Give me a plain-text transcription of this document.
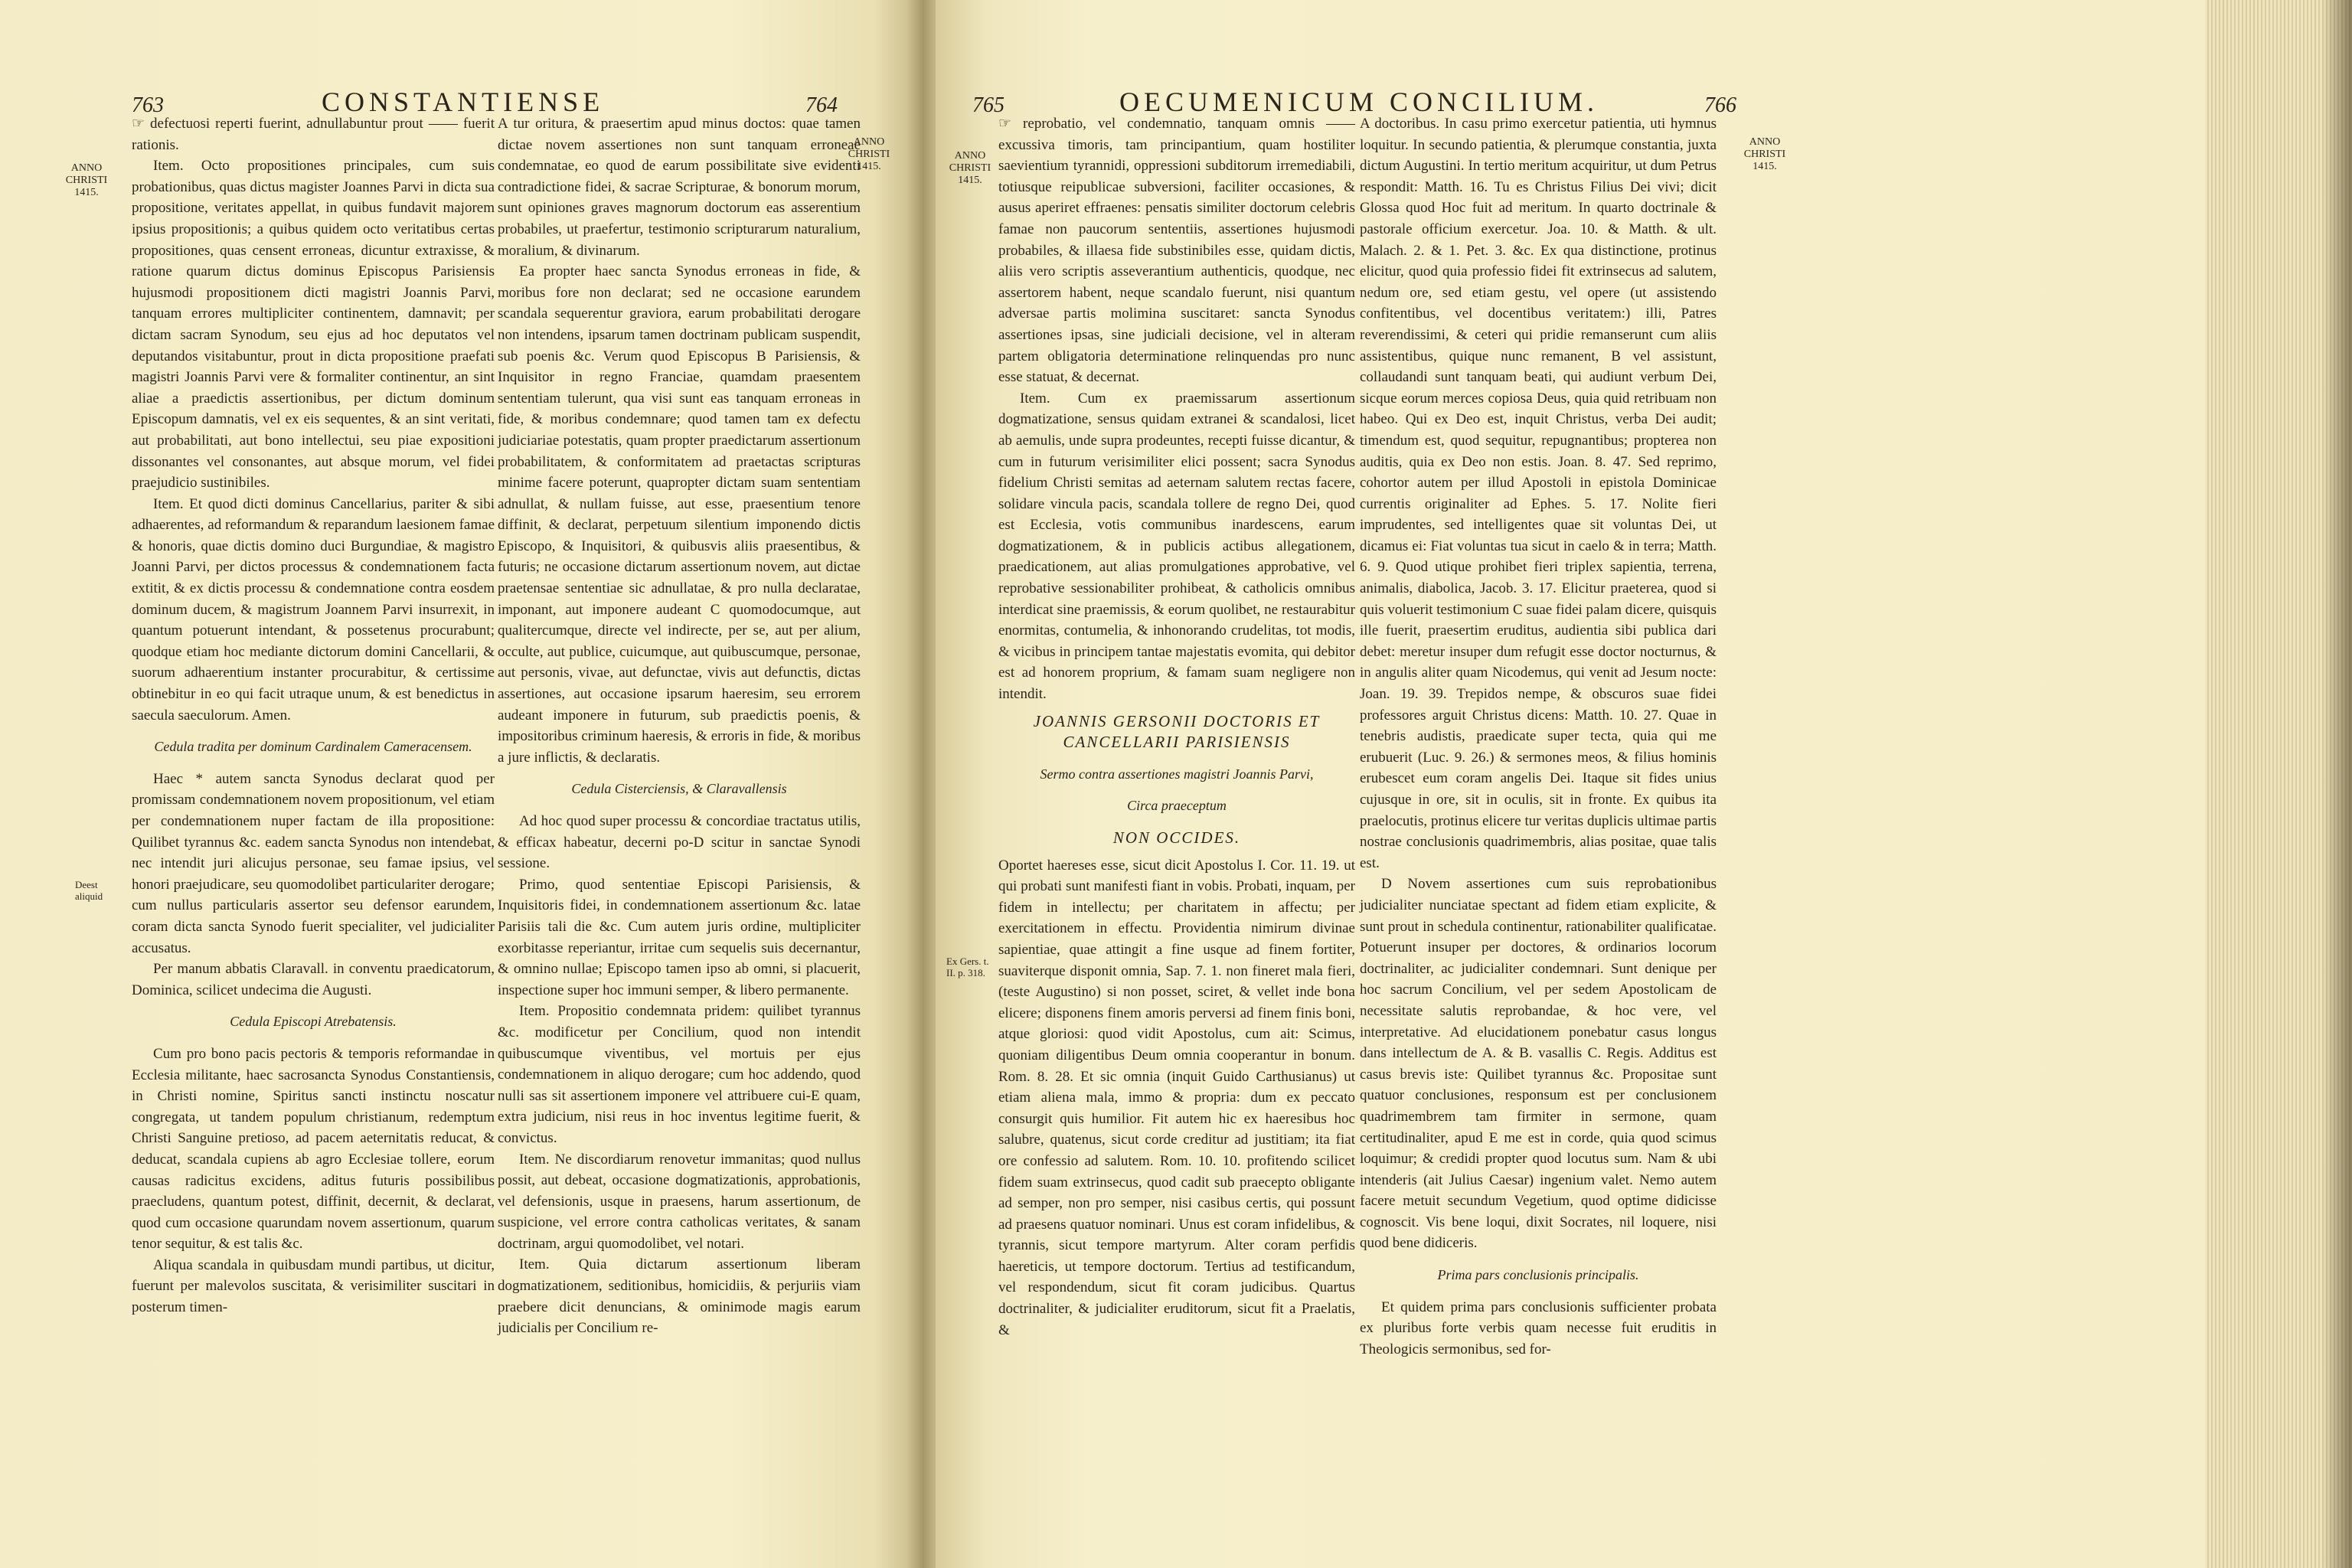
763	CONSTANTIENSE	764
ANNO CHRISTI 1415.
ANNO CHRISTI 1415.
Deest aliquid

☞ defectuosi reperti fuerint, adnullabuntur prout —— fuerit rationis.

Item. Octo propositiones principales, cum suis probationibus, quas dictus magister Joannes Parvi in dicta sua propositione, veritates appellat, in quibus fundavit majorem ipsius propositionis; a quibus quidem octo veritatibus certas propositiones, quas censent erroneas, dicuntur extraxisse, & ratione quarum dictus dominus Episcopus Parisiensis hujusmodi propositionem dicti magistri Joannis Parvi, tanquam errores multipliciter continentem, damnavit; per dictam sacram Synodum, seu ejus ad hoc deputatos vel deputandos visitabuntur, prout in dicta propositione praefati magistri Joannis Parvi vere & formaliter continentur, an sint aliae a praedictis assertionibus, per dictum dominum Episcopum damnatis, vel ex eis sequentes, & an sint veritati, aut probabilitati, aut bono intellectui, seu piae expositioni dissonantes vel consonantes, aut absque morum, vel fidei praejudicio sustinibiles.

Item. Et quod dicti dominus Cancellarius, pariter & sibi adhaerentes, ad reformandum & reparandum laesionem famae & honoris, quae dictis domino duci Burgundiae, & magistro Joanni Parvi, per dictos processus & condemnationem facta extitit, & ex dictis processu & condemnatione contra eosdem dominum ducem, & magistrum Joannem Parvi insurrexit, in quantum potuerunt intendant, & possetenus procurabunt; quodque etiam hoc mediante dictorum domini Cancellarii, & suorum adhaerentium instanter procurabitur, & certissime obtinebitur in eo qui facit utraque unum, & est benedictus in saecula saeculorum. Amen.

Cedula tradita per dominum Cardinalem Cameracensem.

Haec * autem sancta Synodus declarat quod per promissam condemnationem novem propositionum, vel etiam per condemnationem nuper factam de illa propositione: Quilibet tyrannus &c. eadem sancta Synodus non intendebat, nec intendit juri alicujus personae, seu famae ipsius, vel honori praejudicare, seu quomodolibet particulariter derogare; cum nullus particularis assertor seu defensor earundem, coram dicta sancta Synodo fuerit specialiter, vel judicialiter accusatus.

Per manum abbatis Claravall. in conventu praedicatorum, Dominica, scilicet undecima die Augusti.

Cedula Episcopi Atrebatensis.

Cum pro bono pacis pectoris & temporis reformandae in Ecclesia militante, haec sacrosancta Synodus Constantiensis, in Christi nomine, Spiritus sancti instinctu noscatur congregata, ut tandem populum christianum, redemptum Christi Sanguine pretioso, ad pacem aeternitatis reducat, & deducat, scandala cupiens ab agro Ecclesiae tollere, eorum causas radicitus excidens, aditus futuris possibilibus praecludens, quantum potest, diffinit, decernit, & declarat, quod cum occasione quarundam novem assertionum, quarum tenor sequitur, & est talis &c.

Aliqua scandala in quibusdam mundi partibus, ut dicitur, fuerunt per malevolos suscitata, & verisimiliter suscitari in posterum timen-

A tur oritura, & praesertim apud minus doctos: quae tamen dictae novem assertiones non sunt tanquam erroneae condemnatae, eo quod de earum possibilitate sive evidenti contradictione fidei, & sacrae Scripturae, & bonorum morum, sunt opiniones graves magnorum doctorum eas asserentium probabiles, ut praefertur, testimonio scripturarum naturalium, moralium, & divinarum.

Ea propter haec sancta Synodus erroneas in fide, & moribus fore non declarat; sed ne occasione earundem scandala sequerentur graviora, earum probabilitati derogare non intendens, ipsarum tamen doctrinam publicam suspendit, sub poenis &c. Verum quod Episcopus B Parisiensis, & Inquisitor in regno Franciae, quamdam praesentem sententiam tulerunt, qua visi sunt eas tanquam erroneas in fide, & moribus condemnare; quod tamen tam ex defectu judiciariae potestatis, quam propter praedictarum assertionum probabilitatem, & conformitatem ad praetactas scripturas minime facere poterunt, quapropter dictam suam sententiam adnullat, & nullam fuisse, aut esse, praesentium tenore diffinit, & declarat, perpetuum silentium imponendo dictis Episcopo, & Inquisitori, & quibusvis aliis praesentibus, & futuris; ne occasione dictarum assertionum novem, aut dictae praetensae sententiae sic adnullatae, & pro nulla declaratae, imponant, aut imponere audeant C quomodocumque, aut qualitercumque, directe vel indirecte, per se, aut per alium, occulte, aut publice, cuicumque, aut quibuscumque, personae, aut personis, vivae, aut defunctae, vivis aut defunctis, dictas assertiones, aut occasione ipsarum haeresim, seu errorem audeant imponere in futurum, sub praedictis poenis, & impositoribus criminum haeresis, & erroris in fide, & moribus a jure inflictis, & declaratis.

Cedula Cisterciensis, & Claravallensis

Ad hoc quod super processu & concordiae tractatus utilis, & efficax habeatur, decerni po-D scitur in sanctae Synodi sessione.

Primo, quod sententiae Episcopi Parisiensis, & Inquisitoris fidei, in condemnationem assertionum &c. latae Parisiis tali die &c. Cum autem juris ordine, multipliciter exorbitasse reperiantur, irritae cum sequelis suis decernantur, & omnino nullae; Episcopo tamen ipso ab omni, si placuerit, inspectione super hoc immuni semper, & libero permanente.

Item. Propositio condemnata pridem: quilibet tyrannus &c. modificetur per Concilium, quod non intendit quibuscumque viventibus, vel mortuis per ejus condemnationem in aliquo derogare; cum hoc addendo, quod nulli sas sit assertionem imponere vel attribuere cui-E quam, extra judicium, nisi reus in hoc inventus legitime fuerit, & convictus.

Item. Ne discordiarum renovetur immanitas; quod nullus possit, aut debeat, occasione dogmatizationis, approbationis, vel defensionis, usque in praesens, harum assertionum, de suspicione, vel errore contra catholicas veritates, & sanam doctrinam, argui quomodolibet, vel notari.

Item. Quia dictarum assertionum liberam dogmatizationem, seditionibus, homicidiis, & perjuriis viam praebere dicit denuncians, & ominimode magis earum judicialis per Concilium re-

765	OECUMENICUM CONCILIUM.	766
ANNO CHRISTI 1415.
ANNO CHRISTI 1415.
Ex Gers. t. II. p. 318.

☞ reprobatio, vel condemnatio, tanquam omnis —— excussiva timoris, tam principantium, quam hostiliter saevientium tyrannidi, oppressioni subditorum irremediabili, totiusque reipublicae subversioni, faciliter occasiones, & ausus aperiret effraenes: pensatis similiter doctorum celebris famae non paucorum sententiis, assertiones hujusmodi probabiles, & illaesa fide substinibiles esse, quidam dictis, aliis vero scriptis asseverantium authenticis, quodque, nec assertorem habent, neque scandalo fuerunt, nisi quantum adversae partis molimina suscitaret: sancta Synodus assertiones ipsas, sine judiciali decisione, vel in alteram partem obligatoria determinatione relinquendas pro nunc esse statuat, & decernat.

Item. Cum ex praemissarum assertionum dogmatizatione, sensus quidam extranei & scandalosi, licet ab aemulis, unde supra prodeuntes, recepti fuisse dicantur, & cum in futurum verisimiliter elici possent; sacra Synodus fidelium Christi semitas ad aeternam salutem rectas facere, solidare vincula pacis, scandala tollere de regno Dei, quod est Ecclesia, votis communibus inardescens, earum dogmatizationem, & in publicis actibus allegationem, praedicationem, aut alias promulgationes approbative, vel reprobative sessionabiliter prohibeat, & catholicis omnibus interdicat sine praemissis, & eorum quolibet, ne restaurabitur enormitas, contumelia, & inhonorando crudelitas, tot modis, & vicibus in principem tantae majestatis evomita, qui debitor est ad honorem proprium, & famam suam negligere non intendit.

JOANNIS GERSONII DOCTORIS ET CANCELLARII PARISIENSIS

Sermo contra assertiones magistri Joannis Parvi,

Circa praeceptum

NON OCCIDES.

Oportet haereses esse, sicut dicit Apostolus I. Cor. 11. 19. ut qui probati sunt manifesti fiant in vobis. Probati, inquam, per fidem in intellectu; per charitatem in affectu; per exercitationem in effectu. Providentia nimirum divinae sapientiae, quae attingit a fine usque ad finem fortiter, suaviterque disponit omnia, Sap. 7. 1. non fineret mala fieri, (teste Augustino) si non posset, sciret, & vellet inde bona elicere; disponens finem amoris perversi ad finem finis boni, atque gloriosi: quod vidit Apostolus, cum ait: Scimus, quoniam diligentibus Deum omnia cooperantur in bonum. Rom. 8. 28. Et sic omnia (inquit Guido Carthusianus) ut etiam aliena mala, immo & propria: dum ex peccato consurgit quis humilior. Fit autem hic ex haeresibus hoc salubre, quatenus, sicut corde creditur ad justitiam; ita fiat ore confessio ad salutem. Rom. 10. 10. profitendo scilicet fidem suam extrinsecus, quod cadit sub praecepto obligante ad semper, non pro semper, nisi casibus certis, qui possunt ad praesens quatuor nominari. Unus est coram infidelibus, & tyrannis, sicut tempore martyrum. Alter coram perfidis haereticis, ut tempore doctorum. Tertius ad testificandum, vel respondendum, sicut fit coram judicibus. Quartus doctrinaliter, & judicialiter eruditorum, sicut fit a Praelatis, &

A doctoribus. In casu primo exercetur patientia, uti hymnus loquitur. In secundo patientia, & plerumque constantia, juxta dictum Augustini. In tertio meritum acquiritur, ut dum Petrus respondit: Matth. 16. Tu es Christus Filius Dei vivi; dicit Glossa quod Hoc fuit ad meritum. In quarto doctrinale & pastorale officium exercetur. Joa. 10. & Matth. & ult. Malach. 2. & 1. Pet. 3. &c. Ex qua distinctione, protinus elicitur, quod quia professio fidei fit extrinsecus ad salutem, nedum ore, sed etiam gestu, vel opere (ut assistendo confitentibus, vel docentibus veritatem:) illi, Patres reverendissimi, & ceteri qui pridie remanserunt cum aliis assistentibus, quique nunc remanent, B vel assistunt, collaudandi sunt tanquam beati, qui audiunt verbum Dei, sicque eorum merces copiosa Deus, quia quid retribuam non habeo. Qui ex Deo est, inquit Christus, verba Dei audit; timendum est, quod sequitur, repugnantibus; propterea non auditis, quia ex Deo non estis. Joan. 8. 47. Sed reprimo, cohortor autem per illud Apostoli in epistola Dominicae currentis originaliter ad Ephes. 5. 17. Nolite fieri imprudentes, sed intelligentes quae sit voluntas Dei, ut dicamus ei: Fiat voluntas tua sicut in caelo & in terra; Matth. 6. 9. Quod utique prohibet fieri triplex sapientia, terrena, animalis, diabolica, Jacob. 3. 17. Elicitur praeterea, quod si quis voluerit testimonium C suae fidei palam dicere, quisquis ille fuerit, praesertim eruditus, audientia sibi publica dari debet: meretur insuper dum refugit esse doctor nocturnus, & in angulis aliter quam Nicodemus, qui venit ad Jesum nocte: Joan. 19. 39. Trepidos nempe, & obscuros suae fidei professores arguit Christus dicens: Matth. 10. 27. Quae in tenebris audistis, praedicate super tecta, quia qui me erubuerit (Luc. 9. 26.) & sermones meos, & filius hominis erubescet eum coram angelis Dei. Itaque sit fides unius cujusque in ore, sit in oculis, sit in fronte. Ex quibus ita praelocutis, protinus elicere tur veritas duplicis ultimae partis nostrae conclusionis quadrimembris, alias positae, quae talis est.

D Novem assertiones cum suis reprobationibus judicialiter nunciatae spectant ad fidem etiam explicite, & sunt prout in schedula continentur, rationabiliter qualificatae. Potuerunt insuper per doctores, & ordinarios locorum doctrinaliter, ac judicialiter condemnari. Sunt denique per hoc sacrum Concilium, vel per sedem Apostolicam de necessitate salutis reprobandae, & hoc vere, vel interpretative. Ad elucidationem ponebatur casus longus dans intellectum de A. & B. vasallis C. Regis. Additus est casus brevis iste: Quilibet tyrannus &c. Propositae sunt quatuor conclusiones, responsum est per conclusionem quadrimembrem tam firmiter in sermone, quam certitudinaliter, apud E me est in corde, quia quod scimus loquimur; & credidi propter quod locutus sum. Nam & ubi intenderis (ait Julius Caesar) ingenium valet. Nemo autem facere metuit secundum Vegetium, quod optime didicisse cognoscit. Vis bene loqui, dixit Socrates, nil loquere, nisi quod bene didiceris.

Prima pars conclusionis principalis.

Et quidem prima pars conclusionis sufficienter probata ex pluribus forte verbis quam necesse fuit eruditis in Theologicis sermonibus, sed for-
